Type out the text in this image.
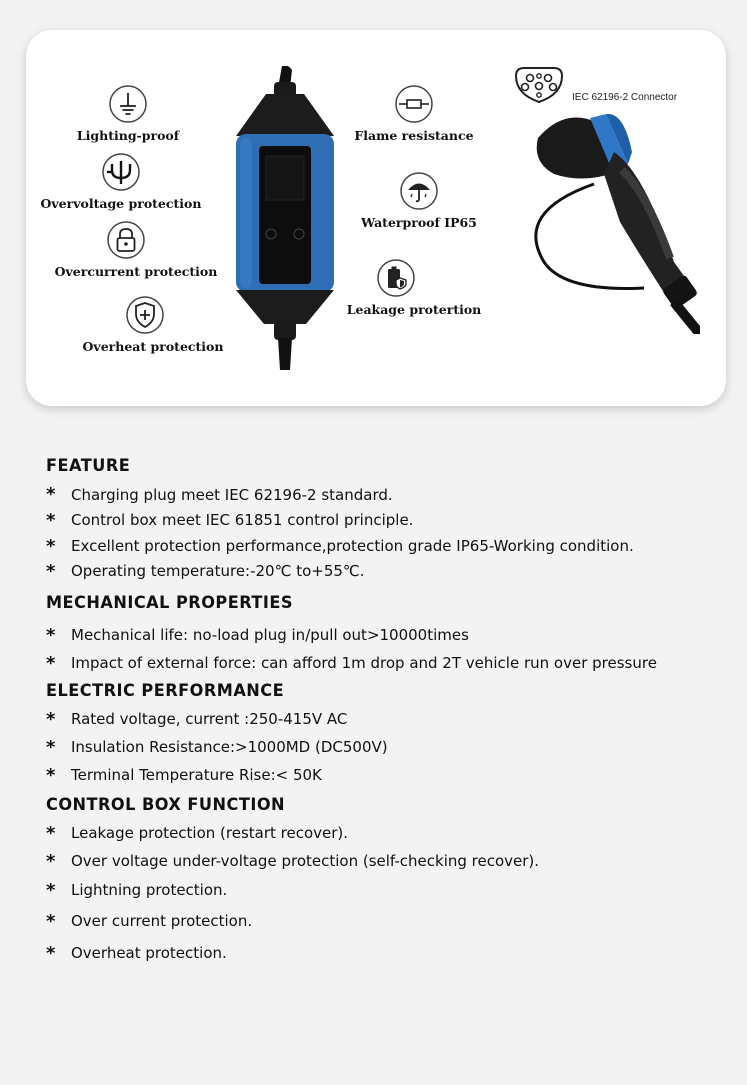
Lighting-proof
Overvoltage protection
Overcurrent protection
Overheat protection
Flame resistance
Waterproof IP65
Leakage protertion
IEC 62196-2 Connector
FEATURE
*	Charging plug meet IEC 62196-2 standard.
*	Control box meet IEC 61851 control principle.
*	Excellent protection performance,protection grade IP65-Working condition.
*	Operating temperature:-20℃ to+55℃.
MECHANICAL PROPERTIES
*	Mechanical life: no-load plug in/pull out>10000times
*	Impact of external force: can afford 1m drop and 2T vehicle run over pressure
ELECTRIC PERFORMANCE
*	Rated voltage, current :250-415V AC
*	Insulation Resistance:>1000MD (DC500V)
*	Terminal Temperature Rise:< 50K
CONTROL BOX FUNCTION
*	Leakage protection (restart recover).
*	Over voltage under-voltage protection (self-checking recover).
*	Lightning protection.
*	Over current protection.
*	Overheat protection.
